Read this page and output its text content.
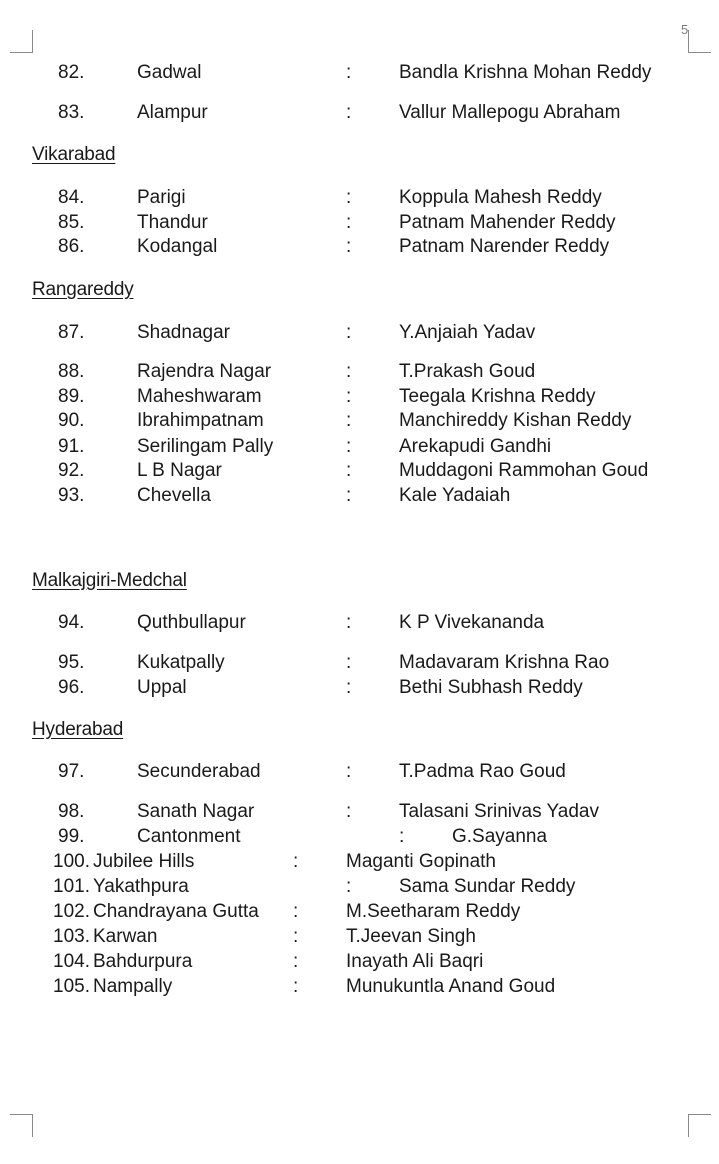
5
82.	Gadwal	:	Bandla Krishna Mohan Reddy
83.	Alampur	:	Vallur Mallepogu Abraham
Vikarabad
84.	Parigi	:	Koppula Mahesh Reddy
85.	Thandur	:	Patnam Mahender Reddy
86.	Kodangal	:	Patnam Narender Reddy
Rangareddy
87.	Shadnagar	:	Y.Anjaiah Yadav
88.	Rajendra Nagar	:	T.Prakash Goud
89.	Maheshwaram	:	Teegala Krishna Reddy
90.	Ibrahimpatnam	:	Manchireddy Kishan Reddy
91.	Serilingam Pally	:	Arekapudi Gandhi
92.	L B Nagar	:	Muddagoni Rammohan Goud
93.	Chevella	:	Kale Yadaiah
Malkajgiri-Medchal
94.	Quthbullapur	:	K P Vivekananda
95.	Kukatpally	:	Madavaram Krishna Rao
96.	Uppal	:	Bethi Subhash Reddy
Hyderabad
97.	Secunderabad	:	T.Padma Rao Goud
98.	Sanath Nagar	:	Talasani Srinivas Yadav
99.	Cantonment	:	G.Sayanna
100. Jubilee Hills	:	Maganti Gopinath
101. Yakathpura	:	Sama Sundar Reddy
102. Chandrayana Gutta :	M.Seetharam Reddy
103. Karwan	:	T.Jeevan Singh
104. Bahdurpura	:	Inayath Ali Baqri
105. Nampally	:	Munukuntla Anand Goud
